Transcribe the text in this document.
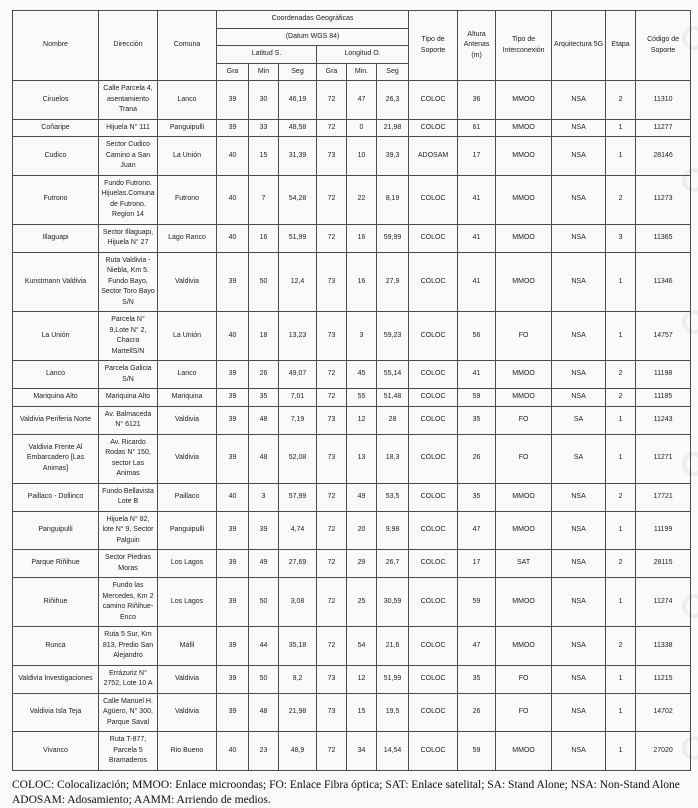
Nombre	Dirección	Comuna	Coordenadas Geográficas						Tipo de Soporte	Altura Antenas (m)	Tipo de Interconexión	Arquitectura 5G	Etapa	Código de Soporte
			(Datum WGS 84)											
			Latitud S.			Longitud O.								
			Gra	Min	Seg	Gra	Min.	Seg						
Ciruelos	Calle Parcela 4, asentamiento Trana	Lanco	39	30	46,19	72	47	26,3	COLOC	36	MMOO	NSA	2	11310
Coñaripe	Hijuela N° 111	Panguipulli	39	33	48,58	72	0	21,98	COLOC	61	MMOO	NSA	1	11277
Cudico	Sector Cudico Camino a San Juan	La Unión	40	15	31,39	73	10	39,3	ADOSAM	17	MMOO	NSA	1	28146
Futrono	Fundo Futrono. Hijuelas.Comuna de Futrono. Region 14	Futrono	40	7	54,28	72	22	8,19	COLOC	41	MMOO	NSA	2	11273
Illaguapi	Sector Illaguapi, Hijuela N° 27	Lago Ranco	40	16	51,99	72	16	59,99	COLOC	41	MMOO	NSA	3	11365
Kunstmann Valdivia	Ruta Valdivia - Niebla, Km 5. Fundo Bayo, Sector Toro Bayo S/N	Valdivia	39	50	12,4	73	16	27,9	COLOC	41	MMOO	NSA	1	11346
La Unión	Parcela N° 9,Lote N° 2, Chacra MartellS/N	La Unión	40	18	13,23	73	3	59,23	COLOC	56	FO	NSA	1	14757
Lanco	Parcela Galicia S/N	Lanco	39	26	49,07	72	45	55,14	COLOC	41	MMOO	NSA	2	11198
Mariquina Alto	Mariquina Alto	Mariquina	39	35	7,01	72	55	51,48	COLOC	59	MMOO	NSA	2	11185
Valdivia Periferia Norte	Av. Balmaceda N° 6121	Valdivia	39	48	7,19	73	12	28	COLOC	35	FO	SA	1	11243
Valdivia Frente Al Embarcadero [Las Animas]	Av. Ricardo Rodas N° 150, sector Las Animas	Valdivia	39	48	52,08	73	13	18,3	COLOC	26	FO	SA	1	11271
Paillaco - Dollinco	Fundo Bellavista Lote B	Paillaco	40	3	57,99	72	49	53,5	COLOC	35	MMOO	NSA	2	17721
Panguipulli	Hijuela N° 82, lote N° 9, Sector Palguin	Panguipulli	39	39	4,74	72	20	9,98	COLOC	47	MMOO	NSA	1	11199
Parque Riñihue	Sector Piedras Moras	Los Lagos	39	49	27,69	72	29	26,7	COLOC	17	SAT	NSA	2	28115
Riñihue	Fundo las Mercedes, Km 2 camino Riñihue-Enco	Los Lagos	39	50	3,08	72	25	30,59	COLOC	59	MMOO	NSA	1	11274
Runca	Ruta 5 Sur, Km 813, Predio San Alejandro	Máfil	39	44	35,18	72	54	21,6	COLOC	47	MMOO	NSA	2	11338
Valdivia Investigaciones	Errázuriz N° 2752, Lote 10 A	Valdivia	39	50	9,2	73	12	51,99	COLOC	35	FO	NSA	1	11215
Valdivia Isla Teja	Calle Manuel H. Agüero, N° 300, Parque Saval	Valdivia	39	48	21,98	73	15	19,5	COLOC	26	FO	NSA	1	14702
Vivanco	Ruta T-877, Parcela 5 Bramaderos	Rio Bueno	40	23	48,9	72	34	14,54	COLOC	59	MMOO	NSA	1	27020

COLOC: Colocalización; MMOO: Enlace microondas; FO: Enlace Fibra óptica; SAT: Enlace satelital; SA: Stand Alone; NSA: Non-Stand Alone ADOSAM: Adosamiento; AAMM: Arriendo de medios.
